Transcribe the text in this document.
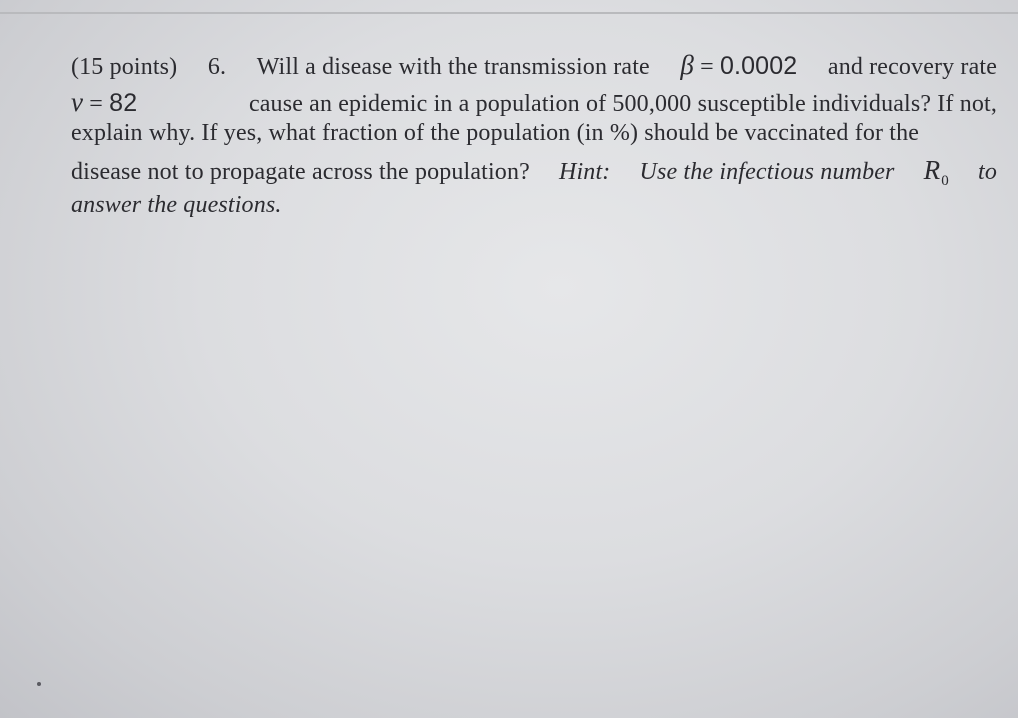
(15 points) 6. Will a disease with the transmission rate β = 0.0002 and recovery rate
ν = 82	cause an epidemic in a population of 500,000 susceptible individuals? If not,
explain why. If yes, what fraction of the population (in %) should be vaccinated for the
disease not to propagate across the population? Hint: Use the infectious number $R_0$ to
answer the questions.
